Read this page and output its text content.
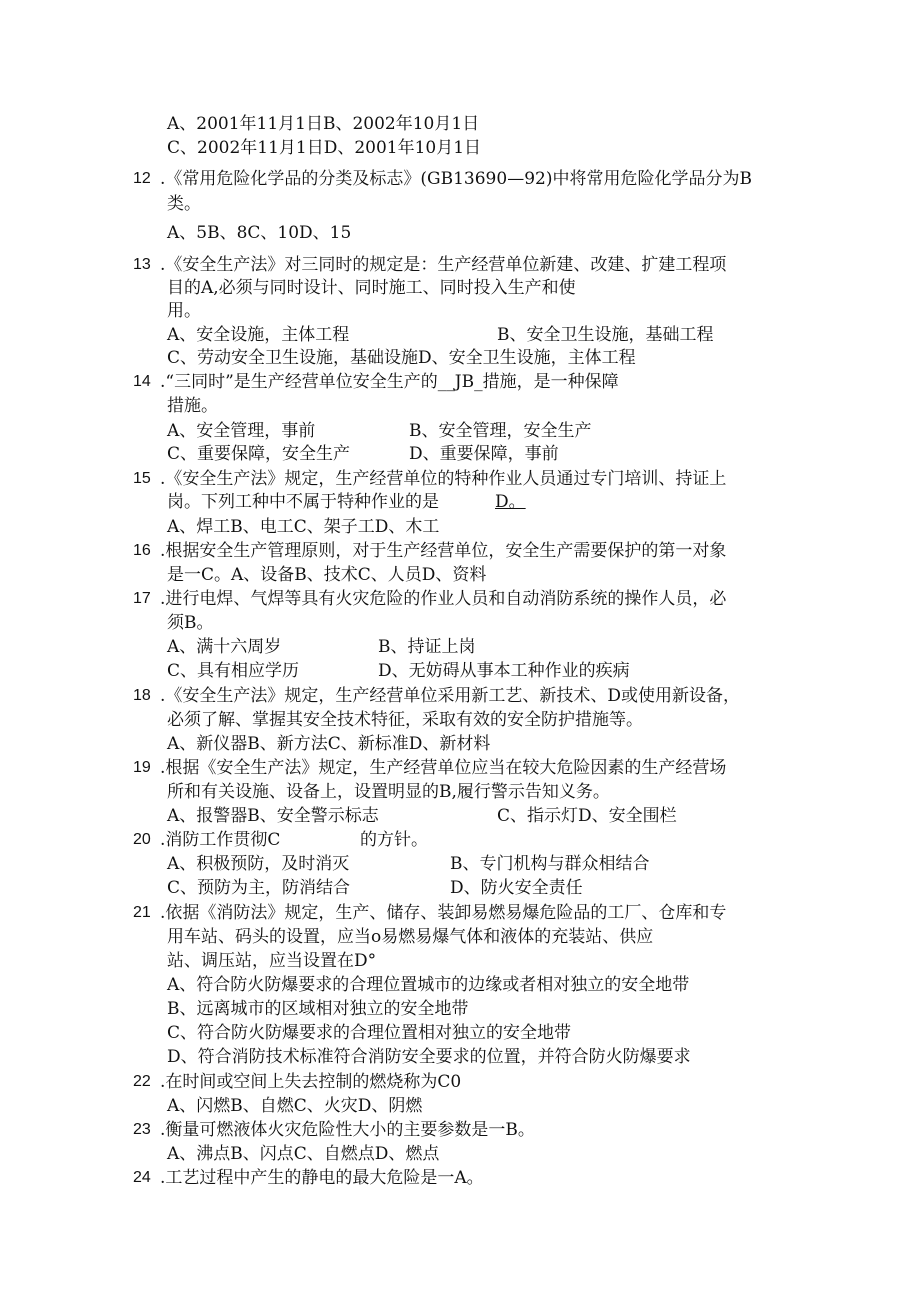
A、2001年11月1日B、2002年10月1日
C、2002年11月1日D、2001年10月1日
12 .《常用危险化学品的分类及标志》(GB13690—92)中将常用危险化学品分为B
类。
A、5B、8C、10D、15
13 .《安全生产法》对三同时的规定是：生产经营单位新建、改建、扩建工程项
目的A,必须与同时设计、同时施工、同时投入生产和使
用。
A、安全设施，主体工程	B、安全卫生设施，基础工程
C、劳动安全卫生设施，基础设施D、安全卫生设施，主体工程
14 .“三同时”是生产经营单位安全生产的__JB_措施，是一种保障
措施。
A、安全管理，事前	B、安全管理，安全生产
C、重要保障，安全生产	D、重要保障，事前
15 .《安全生产法》规定，生产经营单位的特种作业人员通过专门培训、持证上
岗。下列工种中不属于特种作业的是	D。
A、焊工B、电工C、架子工D、木工
16 .根据安全生产管理原则，对于生产经营单位，安全生产需要保护的第一对象
是一C。A、设备B、技术C、人员D、资料
17 .进行电焊、气焊等具有火灾危险的作业人员和自动消防系统的操作人员，必
须B。
A、满十六周岁	B、持证上岗
C、具有相应学历	D、无妨碍从事本工种作业的疾病
18 .《安全生产法》规定，生产经营单位采用新工艺、新技术、D或使用新设备，
必须了解、掌握其安全技术特征，采取有效的安全防护措施等。
A、新仪器B、新方法C、新标准D、新材料
19 .根据《安全生产法》规定，生产经营单位应当在较大危险因素的生产经营场
所和有关设施、设备上，设置明显的B,履行警示告知义务。
A、报警器B、安全警示标志	C、指示灯D、安全围栏
20 .消防工作贯彻C	的方针。
A、积极预防，及时消灭	B、专门机构与群众相结合
C、预防为主，防消结合	D、防火安全责任
21 .依据《消防法》规定，生产、储存、装卸易燃易爆危险品的工厂、仓库和专
用车站、码头的设置，应当o易燃易爆气体和液体的充装站、供应
站、调压站，应当设置在D°
A、符合防火防爆要求的合理位置城市的边缘或者相对独立的安全地带
B、远离城市的区域相对独立的安全地带
C、符合防火防爆要求的合理位置相对独立的安全地带
D、符合消防技术标准符合消防安全要求的位置，并符合防火防爆要求
22 .在时间或空间上失去控制的燃烧称为C0
A、闪燃B、自燃C、火灾D、阴燃
23 .衡量可燃液体火灾危险性大小的主要参数是一B。
A、沸点B、闪点C、自燃点D、燃点
24 .工艺过程中产生的静电的最大危险是一A。
